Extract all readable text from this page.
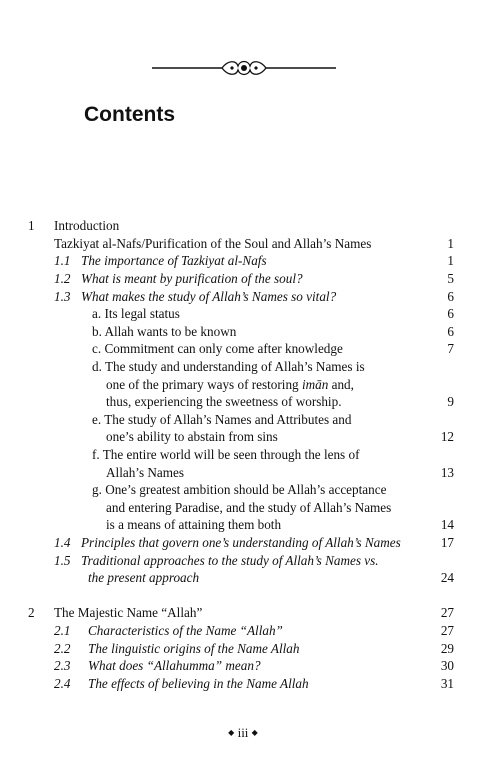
Contents
1 Introduction
Tazkiyat al-Nafs/Purification of the Soul and Allah’s Names	1
1.1 The importance of Tazkiyat al-Nafs	1
1.2 What is meant by purification of the soul?	5
1.3 What makes the study of Allah’s Names so vital?	6
a. Its legal status	6
b. Allah wants to be known	6
c. Commitment can only come after knowledge	7
d. The study and understanding of Allah’s Names is
one of the primary ways of restoring imān and,
thus, experiencing the sweetness of worship.	9
e. The study of Allah’s Names and Attributes and
one’s ability to abstain from sins	12
f. The entire world will be seen through the lens of
Allah’s Names	13
g. One’s greatest ambition should be Allah’s acceptance
and entering Paradise, and the study of Allah’s Names
is a means of attaining them both	14
1.4 Principles that govern one’s understanding of Allah’s Names	17
1.5 Traditional approaches to the study of Allah’s Names vs.
the present approach	24
2 The Majestic Name “Allah”	27
2.1 Characteristics of the Name “Allah”	27
2.2 The linguistic origins of the Name Allah	29
2.3 What does “Allahumma” mean?	30
2.4 The effects of believing in the Name Allah	31
◆ iii ◆
